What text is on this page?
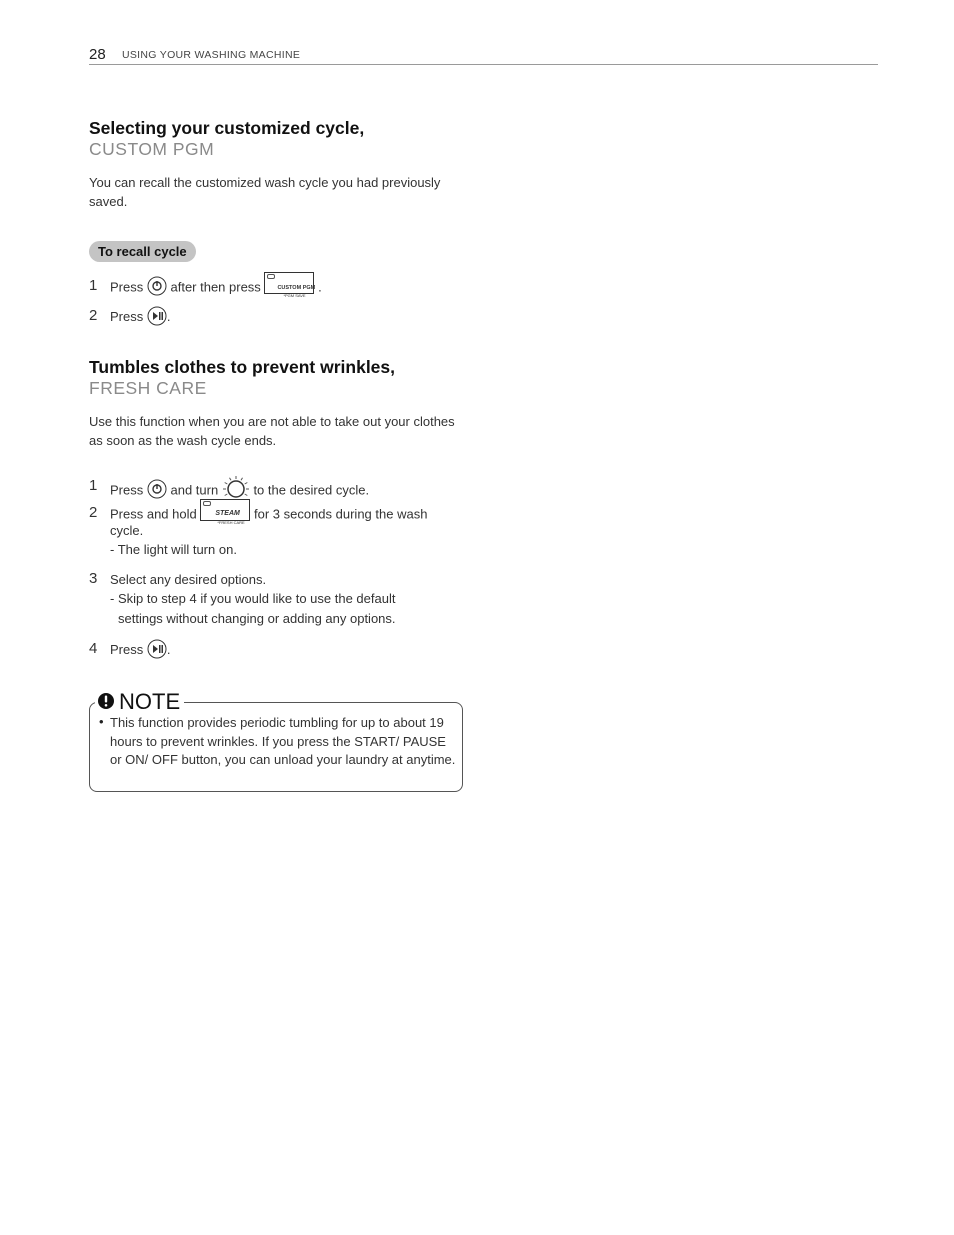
28 USING YOUR WASHING MACHINE
Selecting your customized cycle,
CUSTOM PGM
You can recall the customized wash cycle you had previously saved.
To recall cycle
1 Press after then press	CUSTOM PGM
*PGM SAVE
.
2 Press .
Tumbles clothes to prevent wrinkles,
FRESH CARE
Use this function when you are not able to take out your clothes as soon as the wash cycle ends.
1 Press and turn	to the desired cycle.
2 Press and hold	STEAM
*FRESH CARE
for 3 seconds during the wash
cycle.
- The light will turn on.
3 Select any desired options.
- Skip to step 4 if you would like to use the default
settings without changing or adding any options.
4 Press .
NOTE
• This function provides periodic tumbling for up to about 19 hours to prevent wrinkles. If you press the START/ PAUSE or ON/ OFF button, you can unload your laundry at anytime.
